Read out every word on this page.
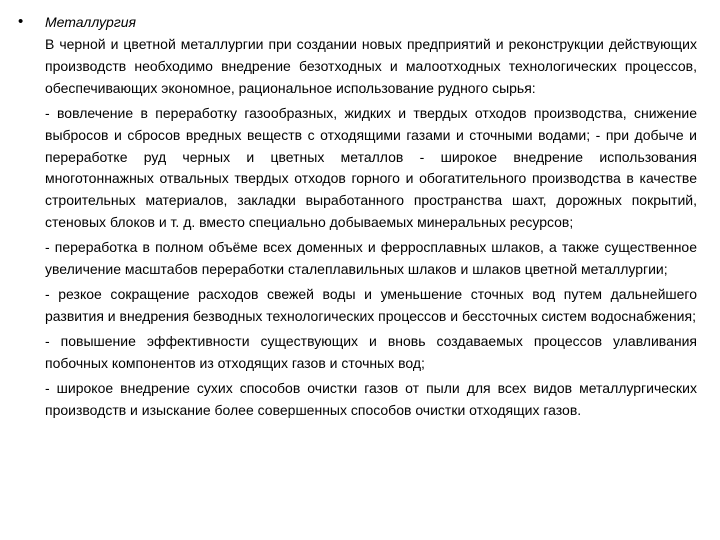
• Металлургия

В черной и цветной металлургии при создании новых предприятий и реконструкции действующих производств необходимо внедрение безотходных и малоотходных технологических процессов, обеспечивающих экономное, рациональное использование рудного сырья:

- вовлечение в переработку газообразных, жидких и твердых отходов производства, снижение выбросов и сбросов вредных веществ с отходящими газами и сточными водами; - при добыче и переработке руд черных и цветных металлов - широкое внедрение использования многотоннажных отвальных твердых отходов горного и обогатительного производства в качестве строительных материалов, закладки выработанного пространства шахт, дорожных покрытий, стеновых блоков и т. д. вместо специально добываемых минеральных ресурсов;

- переработка в полном объёме всех доменных и ферросплавных шлаков, а также существенное увеличение масштабов переработки сталеплавильных шлаков и шлаков цветной металлургии;

- резкое сокращение расходов свежей воды и уменьшение сточных вод путем дальнейшего развития и внедрения безводных технологических процессов и бессточных систем водоснабжения;

- повышение эффективности существующих и вновь создаваемых процессов улавливания побочных компонентов из отходящих газов и сточных вод;

- широкое внедрение сухих способов очистки газов от пыли для всех видов металлургических производств и изыскание более совершенных способов очистки отходящих газов.
